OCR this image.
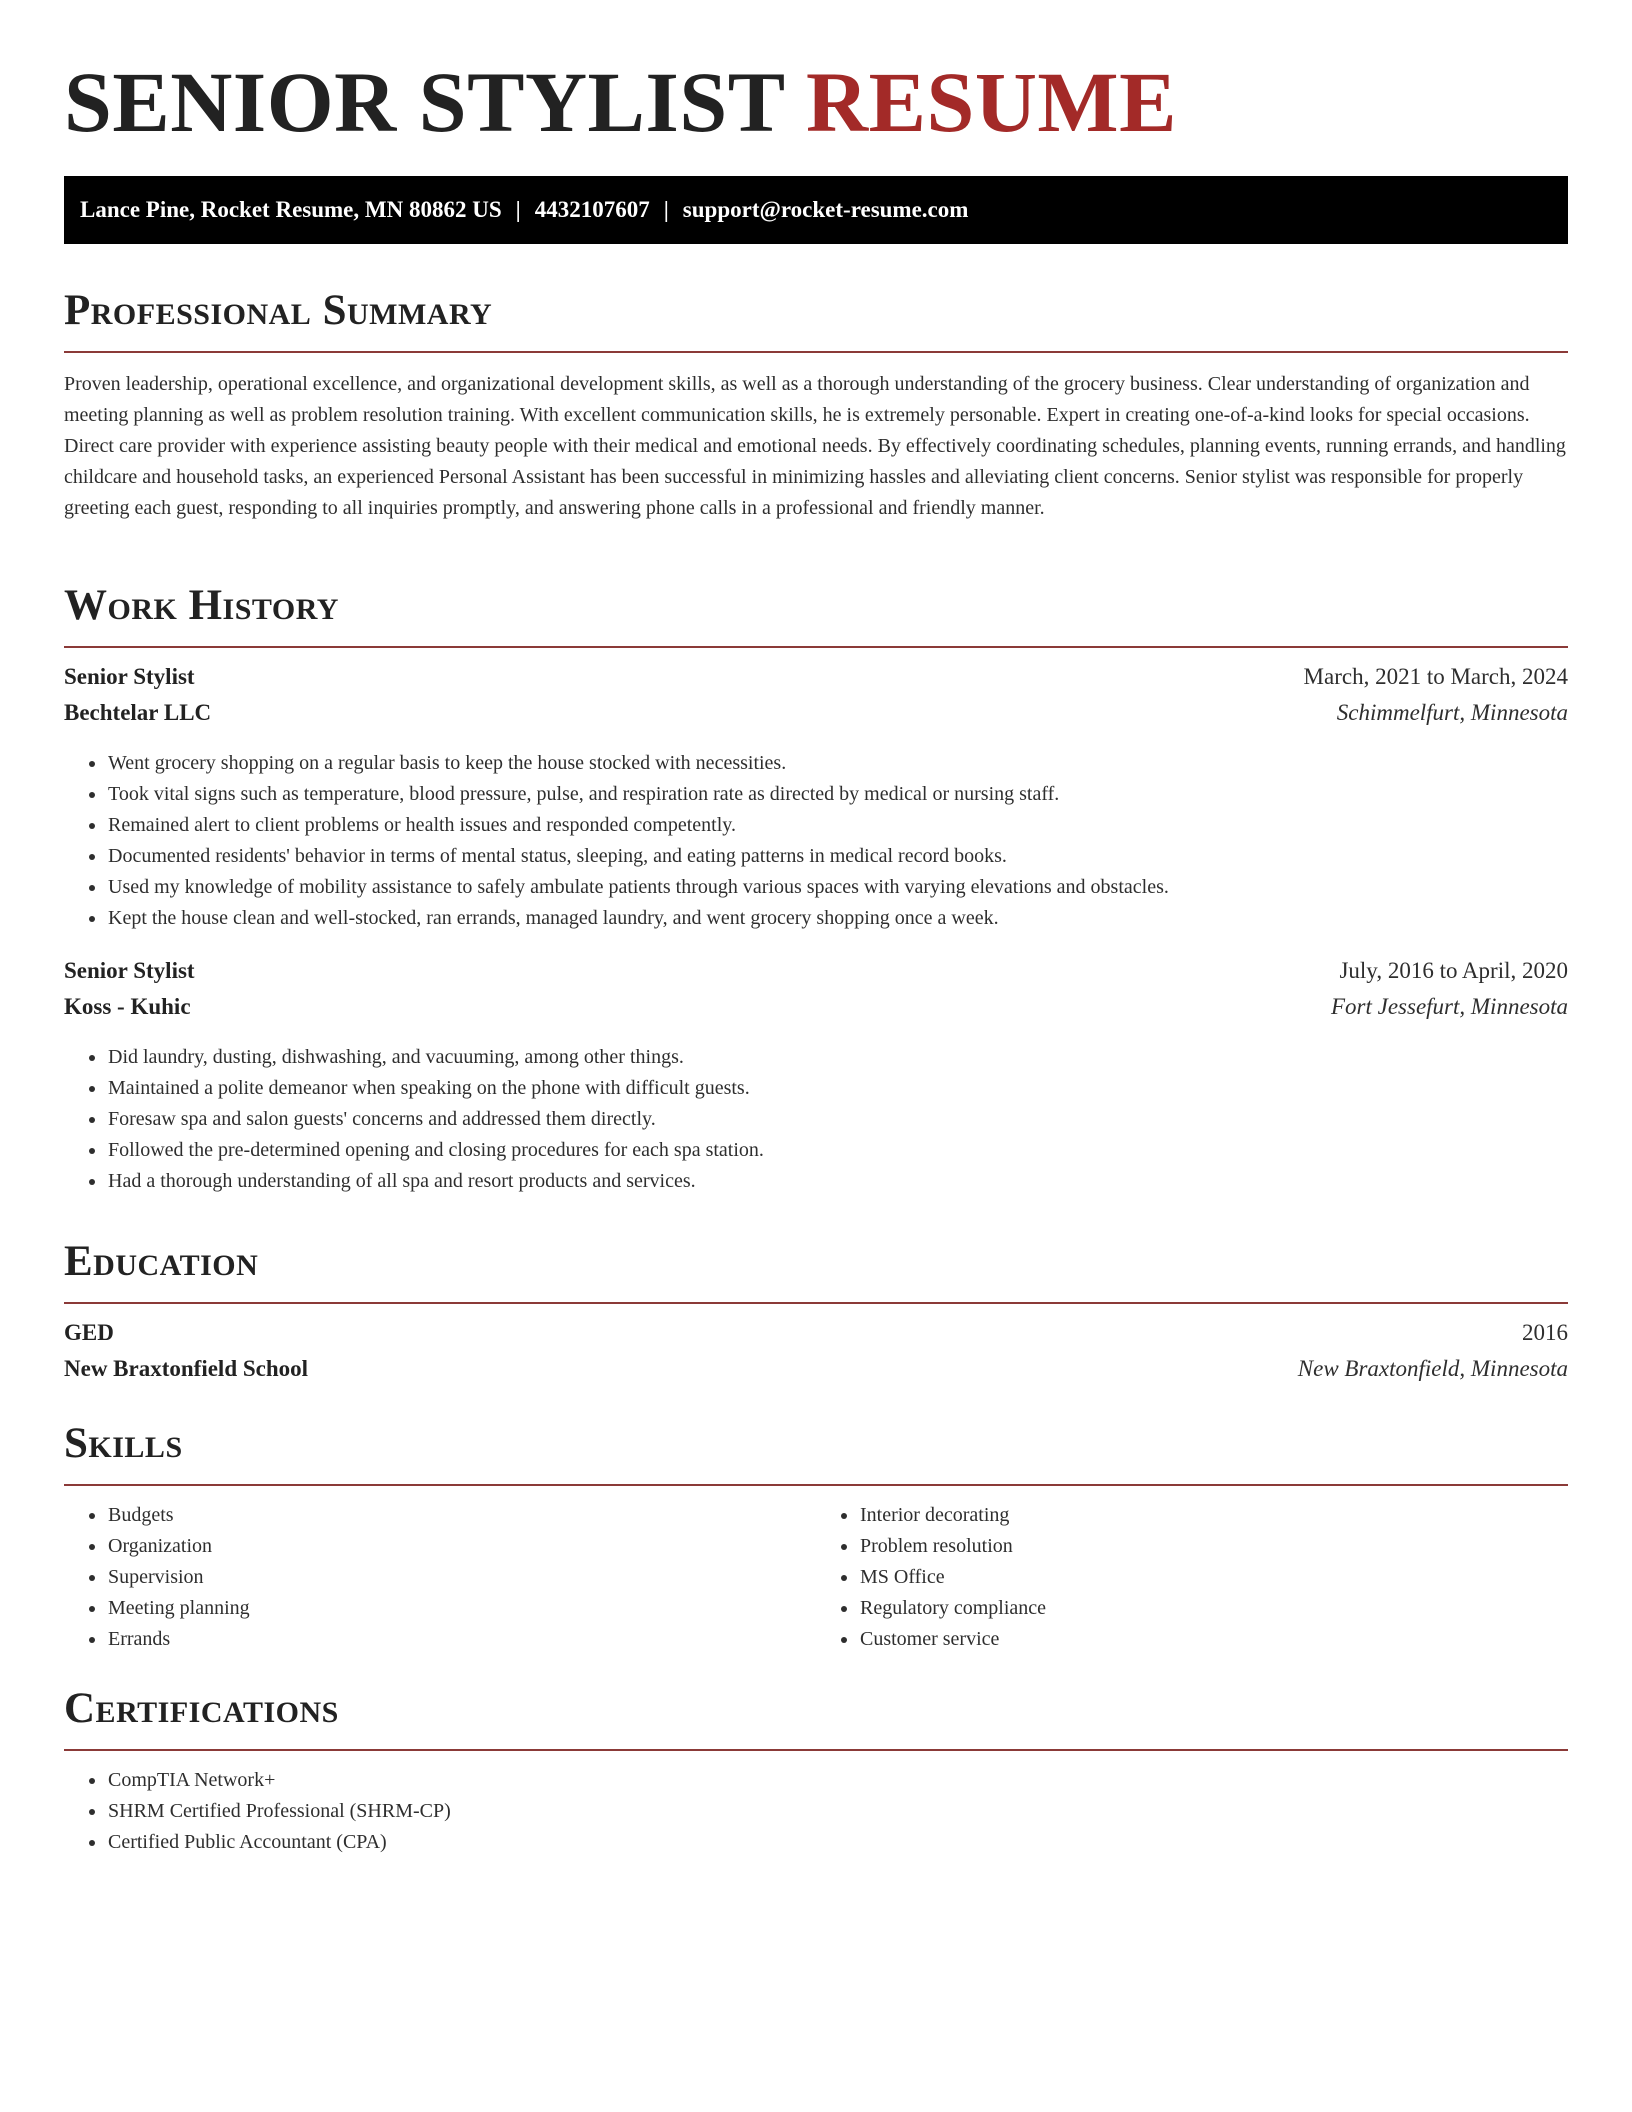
SENIOR STYLIST RESUME
Lance Pine, Rocket Resume, MN 80862 US | 4432107607 | support@rocket-resume.com
Professional Summary

Proven leadership, operational excellence, and organizational development skills, as well as a thorough understanding of the grocery business. Clear understanding of organization and meeting planning as well as problem resolution training. With excellent communication skills, he is extremely personable. Expert in creating one-of-a-kind looks for special occasions. Direct care provider with experience assisting beauty people with their medical and emotional needs. By effectively coordinating schedules, planning events, running errands, and handling childcare and household tasks, an experienced Personal Assistant has been successful in minimizing hassles and alleviating client concerns. Senior stylist was responsible for properly greeting each guest, responding to all inquiries promptly, and answering phone calls in a professional and friendly manner.

Work History
Senior Stylist	March, 2021 to March, 2024
Bechtelar LLC	Schimmelfurt, Minnesota
• Went grocery shopping on a regular basis to keep the house stocked with necessities.
• Took vital signs such as temperature, blood pressure, pulse, and respiration rate as directed by medical or nursing staff.
• Remained alert to client problems or health issues and responded competently.
• Documented residents' behavior in terms of mental status, sleeping, and eating patterns in medical record books.
• Used my knowledge of mobility assistance to safely ambulate patients through various spaces with varying elevations and obstacles.
• Kept the house clean and well-stocked, ran errands, managed laundry, and went grocery shopping once a week.
Senior Stylist	July, 2016 to April, 2020
Koss - Kuhic	Fort Jessefurt, Minnesota
• Did laundry, dusting, dishwashing, and vacuuming, among other things.
• Maintained a polite demeanor when speaking on the phone with difficult guests.
• Foresaw spa and salon guests' concerns and addressed them directly.
• Followed the pre-determined opening and closing procedures for each spa station.
• Had a thorough understanding of all spa and resort products and services.
Education
GED	2016
New Braxtonfield School	New Braxtonfield, Minnesota
Skills
• Budgets
• Organization
• Supervision
• Meeting planning
• Errands
• Interior decorating
• Problem resolution
• MS Office
• Regulatory compliance
• Customer service
Certifications
• CompTIA Network+
• SHRM Certified Professional (SHRM-CP)
• Certified Public Accountant (CPA)
